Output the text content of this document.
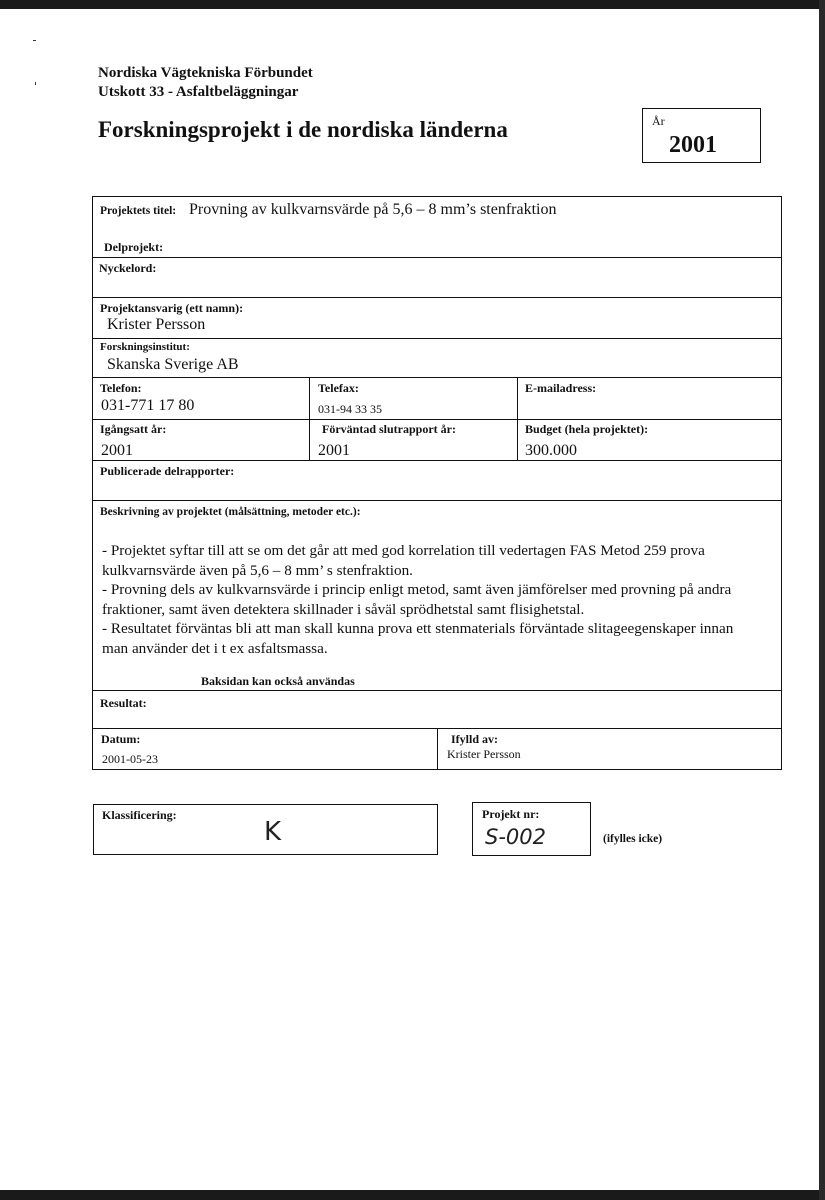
Nordiska Vägtekniska Förbundet
Utskott 33 - Asfaltbeläggningar
Forskningsprojekt i de nordiska länderna	År
2001
Projektets titel: Provning av kulkvarnsvärde på 5,6 – 8 mm’s stenfraktion
Delprojekt:
Nyckelord:
Projektansvarig (ett namn):
Krister Persson
Forskningsinstitut:
Skanska Sverige AB
Telefon:
031-771 17 80
Telefax:
031-94 33 35
E-mailadress:
Igångsatt år:
2001
Förväntad slutrapport år:
2001
Budget (hela projektet):
300.000
Publicerade delrapporter:
Beskrivning av projektet (målsättning, metoder etc.):

- Projektet syftar till att se om det går att med god korrelation till vedertagen FAS Metod 259 prova kulkvarnsvärde även på 5,6 – 8 mm’ s stenfraktion.

- Provning dels av kulkvarnsvärde i princip enligt metod, samt även jämförelser med provning på andra fraktioner, samt även detektera skillnader i såväl sprödhetstal samt flisighetstal.

- Resultatet förväntas bli att man skall kunna prova ett stenmaterials förväntade slitageegenskaper innan man använder det i t ex asfaltsmassa.

Baksidan kan också användas
Resultat:
Datum:
2001-05-23
Ifylld av:
Krister Persson
Klassificering:
K
Projekt nr:
S-002	(ifylles icke)
